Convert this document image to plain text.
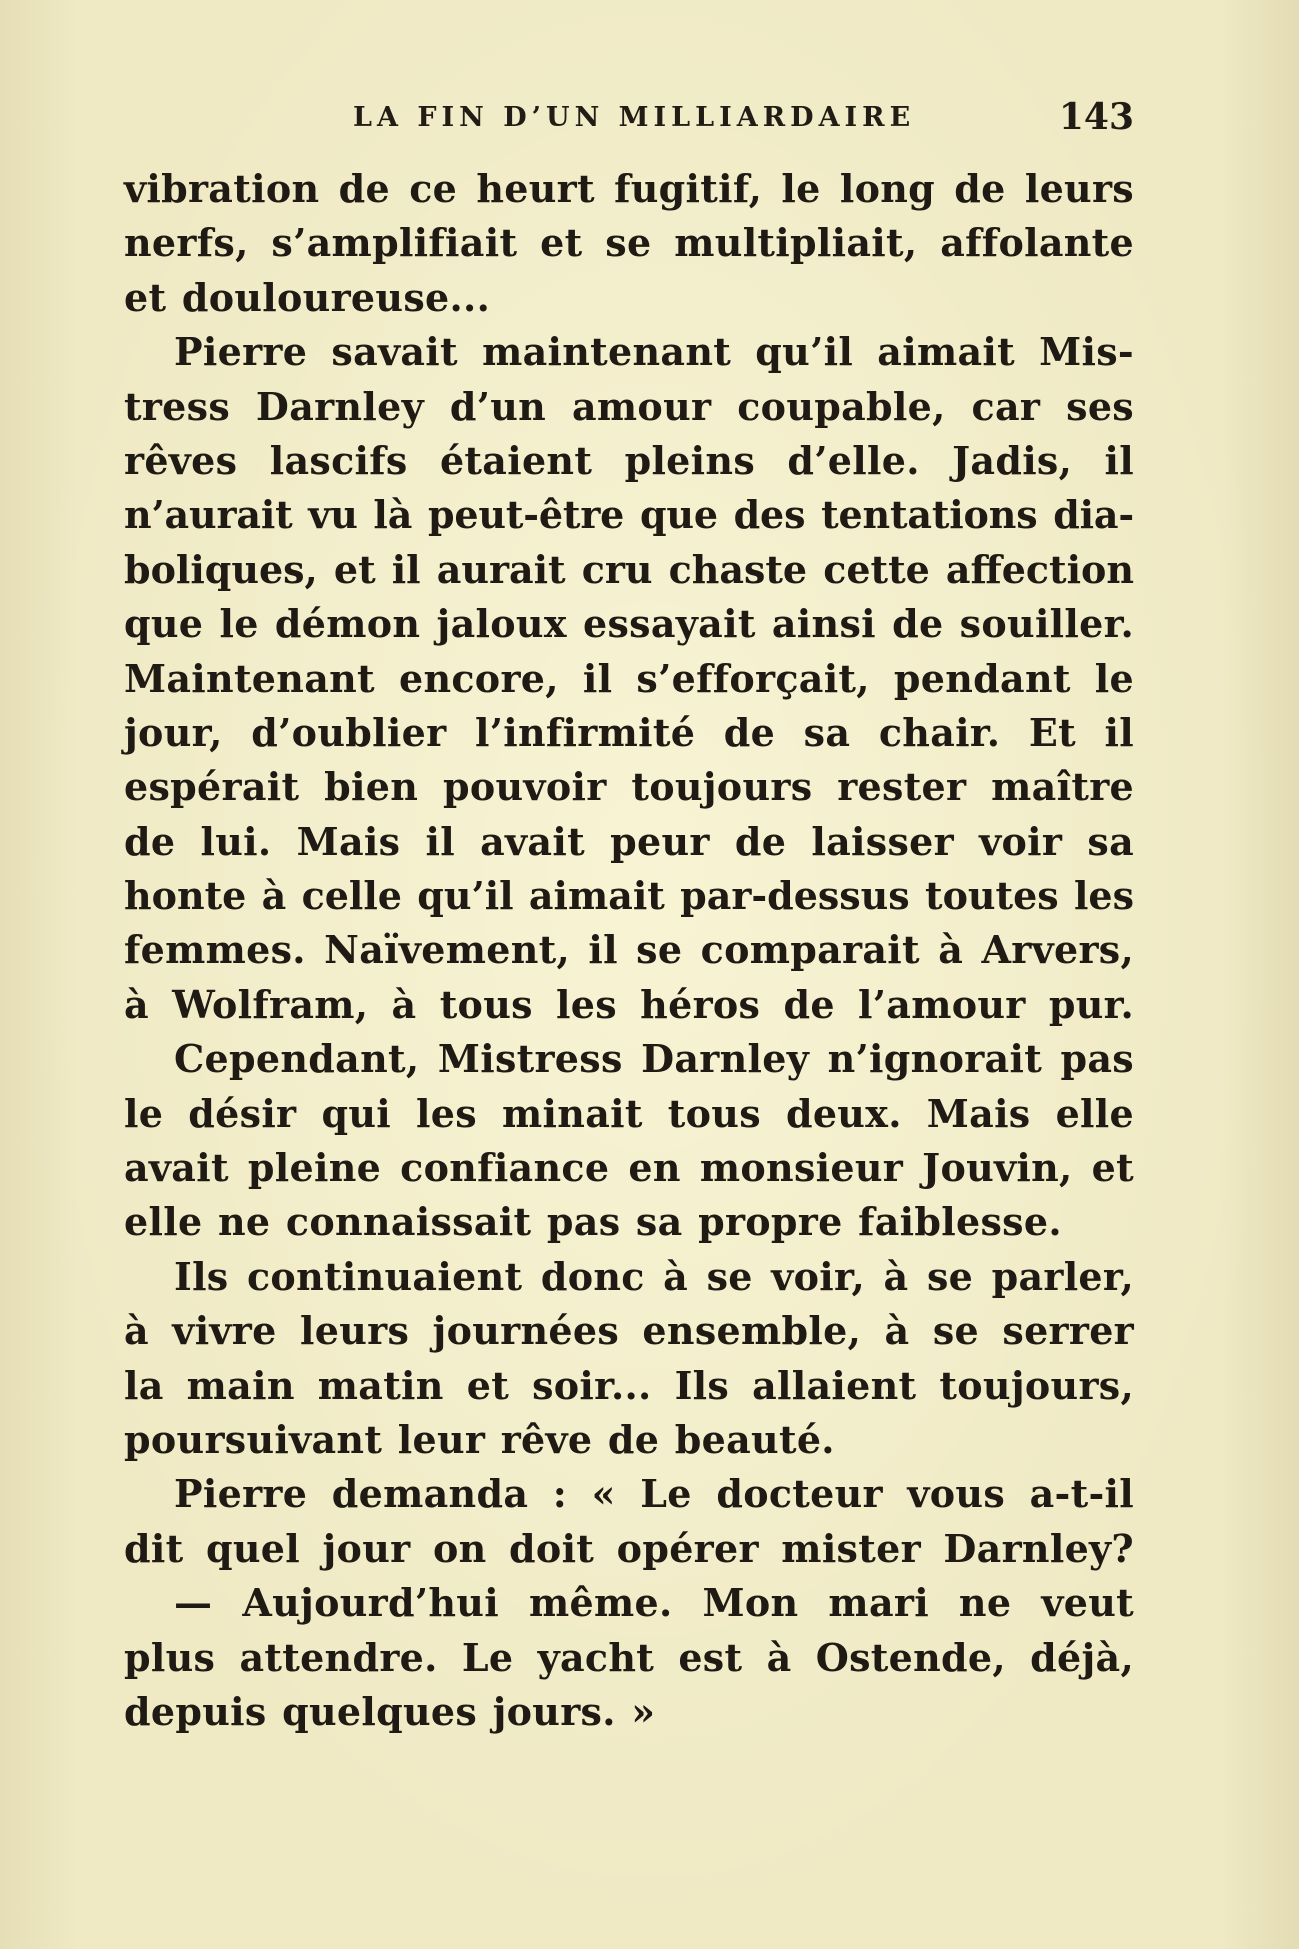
LA FIN D’UN MILLIARDAIRE	143
vibration de ce heurt fugitif, le long de leurs
nerfs, s’amplifiait et se multipliait, affolante
et douloureuse...
Pierre savait maintenant qu’il aimait Mis-
tress Darnley d’un amour coupable, car ses
rêves lascifs étaient pleins d’elle. Jadis, il
n’aurait vu là peut-être que des tentations dia-
boliques, et il aurait cru chaste cette affection
que le démon jaloux essayait ainsi de souiller.
Maintenant encore, il s’efforçait, pendant le
jour, d’oublier l’infirmité de sa chair. Et il
espérait bien pouvoir toujours rester maître
de lui. Mais il avait peur de laisser voir sa
honte à celle qu’il aimait par-dessus toutes les
femmes. Naïvement, il se comparait à Arvers,
à Wolfram, à tous les héros de l’amour pur.
Cependant, Mistress Darnley n’ignorait pas
le désir qui les minait tous deux. Mais elle
avait pleine confiance en monsieur Jouvin, et
elle ne connaissait pas sa propre faiblesse.
Ils continuaient donc à se voir, à se parler,
à vivre leurs journées ensemble, à se serrer
la main matin et soir... Ils allaient toujours,
poursuivant leur rêve de beauté.
Pierre demanda : « Le docteur vous a-t-il
dit quel jour on doit opérer mister Darnley?
— Aujourd’hui même. Mon mari ne veut
plus attendre. Le yacht est à Ostende, déjà,
depuis quelques jours. »
